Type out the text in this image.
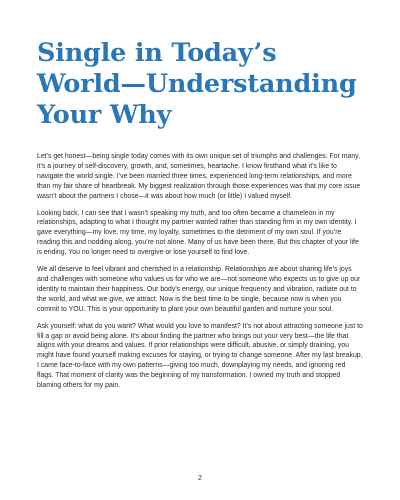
Single in Today’s
World—Understanding
Your Why

Let’s get honest—being single today comes with its own unique set of triumphs and challenges. For many, it’s a journey of self-discovery, growth, and, sometimes, heartache. I know firsthand what it’s like to navigate the world single. I’ve been married three times, experienced long-term relationships, and more than my fair share of heartbreak. My biggest realization through those experiences was that my core issue wasn’t about the partners I chose—it was about how much (or little) I valued myself.

Looking back, I can see that I wasn’t speaking my truth, and too often became a chameleon in my relationships, adapting to what I thought my partner wanted rather than standing firm in my own identity. I gave everything—my love, my time, my loyalty, sometimes to the detriment of my own soul. If you’re reading this and nodding along, you’re not alone. Many of us have been there. But this chapter of your life is ending. You no longer need to overgive or lose yourself to find love.

We all deserve to feel vibrant and cherished in a relationship. Relationships are about sharing life’s joys and challenges with someone who values us for who we are—not someone who expects us to give up our identity to maintain their happiness. Our body’s energy, our unique frequency and vibration, radiate out to the world, and what we give, we attract. Now is the best time to be single, because now is when you commit to YOU. This is your opportunity to plant your own beautiful garden and nurture your soul.

Ask yourself: what do you want? What would you love to manifest? It’s not about attracting someone just to fill a gap or avoid being alone. It’s about finding the partner who brings out your very best—the life that aligns with your dreams and values. If prior relationships were difficult, abusive, or simply draining, you might have found yourself making excuses for staying, or trying to change someone. After my last breakup, I came face-to-face with my own patterns—giving too much, downplaying my needs, and ignoring red flags. That moment of clarity was the beginning of my transformation. I owned my truth and stopped blaming others for my pain.

2
